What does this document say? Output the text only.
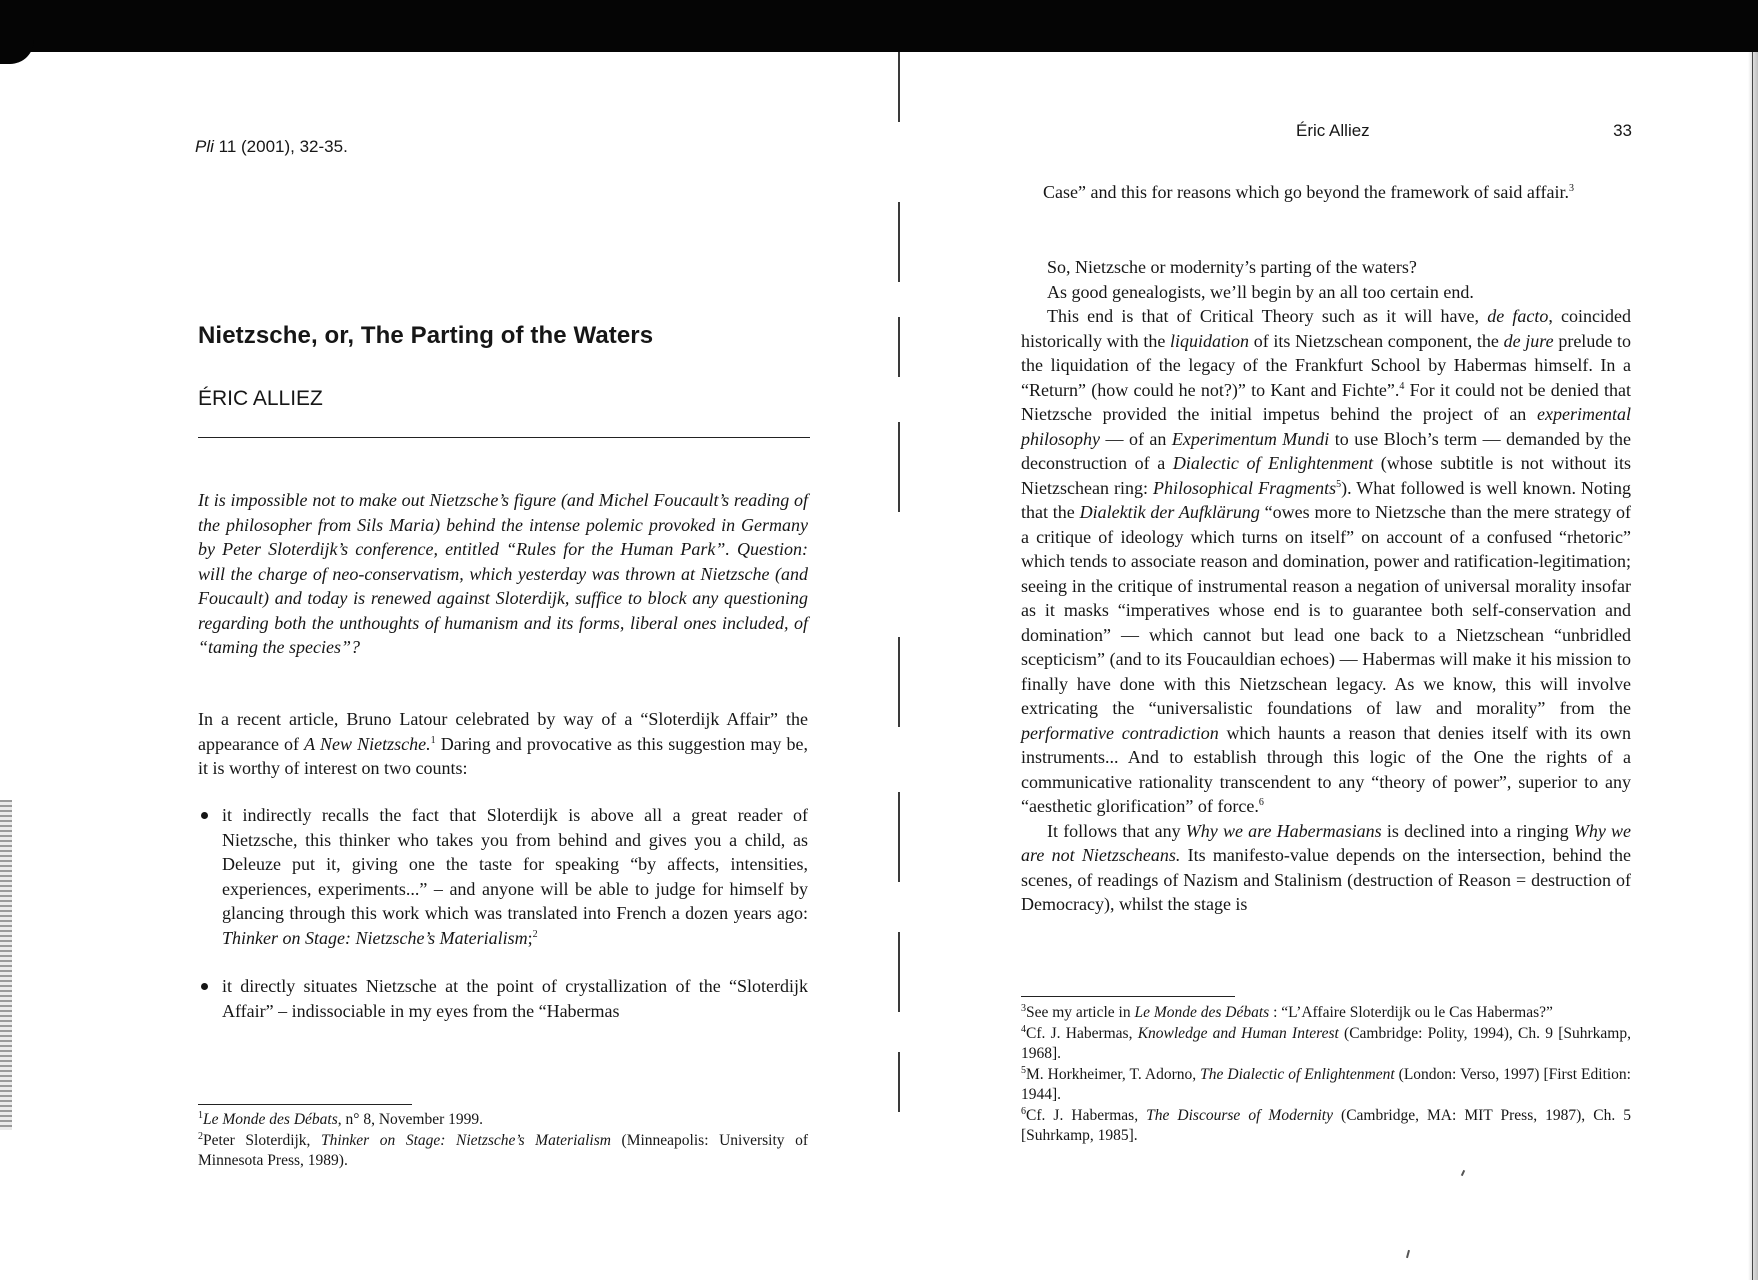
Pli 11 (2001), 32-35.
Nietzsche, or, The Parting of the Waters
ÉRIC ALLIEZ

It is impossible not to make out Nietzsche’s figure (and Michel Foucault’s reading of the philosopher from Sils Maria) behind the intense polemic provoked in Germany by Peter Sloterdijk’s conference, entitled “Rules for the Human Park”. Question: will the charge of neo-conservatism, which yesterday was thrown at Nietzsche (and Foucault) and today is renewed against Sloterdijk, suffice to block any questioning regarding both the unthoughts of humanism and its forms, liberal ones included, of “taming the species”?

In a recent article, Bruno Latour celebrated by way of a “Sloterdijk Affair” the appearance of A New Nietzsche.$^1$ Daring and provocative as this suggestion may be, it is worthy of interest on two counts:

it indirectly recalls the fact that Sloterdijk is above all a great reader of Nietzsche, this thinker who takes you from behind and gives you a child, as Deleuze put it, giving one the taste for speaking “by affects, intensities, experiences, experiments...” – and anyone will be able to judge for himself by glancing through this work which was translated into French a dozen years ago: Thinker on Stage: Nietzsche’s Materialism;$^2$

it directly situates Nietzsche at the point of crystallization of the “Sloterdijk Affair” – indissociable in my eyes from the “Habermas

$^1$Le Monde des Débats, n° 8, November 1999.

$^2$Peter Sloterdijk, Thinker on Stage: Nietzsche’s Materialism (Minneapolis: University of Minnesota Press, 1989).

Éric Alliez	33

Case” and this for reasons which go beyond the framework of said affair.$^3$

So, Nietzsche or modernity’s parting of the waters?

As good genealogists, we’ll begin by an all too certain end.

This end is that of Critical Theory such as it will have, de facto, coincided historically with the liquidation of its Nietzschean component, the de jure prelude to the liquidation of the legacy of the Frankfurt School by Habermas himself. In a “Return” (how could he not?)” to Kant and Fichte”.$^4$ For it could not be denied that Nietzsche provided the initial impetus behind the project of an experimental philosophy — of an Experimentum Mundi to use Bloch’s term — demanded by the deconstruction of a Dialectic of Enlightenment (whose subtitle is not without its Nietzschean ring: Philosophical Fragments$^5$). What followed is well known. Noting that the Dialektik der Aufklärung “owes more to Nietzsche than the mere strategy of a critique of ideology which turns on itself” on account of a confused “rhetoric” which tends to associate reason and domination, power and ratification-legitimation; seeing in the critique of instrumental reason a negation of universal morality insofar as it masks “imperatives whose end is to guarantee both self-conservation and domination” — which cannot but lead one back to a Nietzschean “unbridled scepticism” (and to its Foucauldian echoes) — Habermas will make it his mission to finally have done with this Nietzschean legacy. As we know, this will involve extricating the “universalistic foundations of law and morality” from the performative contradiction which haunts a reason that denies itself with its own instruments... And to establish through this logic of the One the rights of a communicative rationality transcendent to any “theory of power”, superior to any “aesthetic glorification” of force.$^6$

It follows that any Why we are Habermasians is declined into a ringing Why we are not Nietzscheans. Its manifesto-value depends on the intersection, behind the scenes, of readings of Nazism and Stalinism (destruction of Reason = destruction of Democracy), whilst the stage is

$^3$See my article in Le Monde des Débats : “L’Affaire Sloterdijk ou le Cas Habermas?”

$^4$Cf. J. Habermas, Knowledge and Human Interest (Cambridge: Polity, 1994), Ch. 9 [Suhrkamp, 1968].

$^5$M. Horkheimer, T. Adorno, The Dialectic of Enlightenment (London: Verso, 1997) [First Edition: 1944].

$^6$Cf. J. Habermas, The Discourse of Modernity (Cambridge, MA: MIT Press, 1987), Ch. 5 [Suhrkamp, 1985].
